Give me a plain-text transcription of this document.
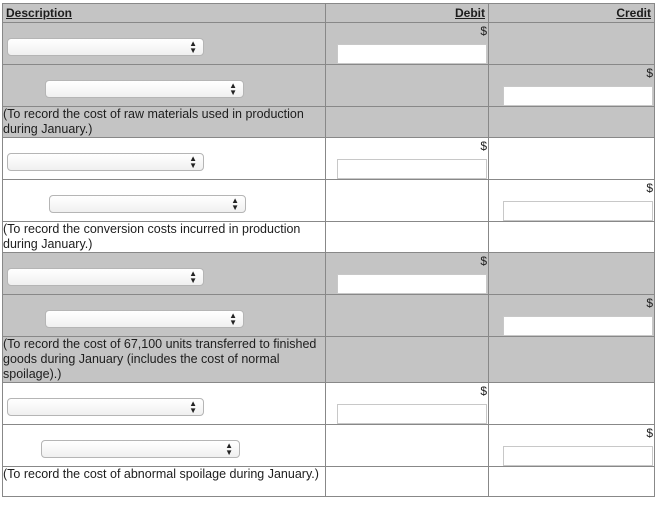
Description	Debit	Credit

▲
▼	$	

▲
▼		$

(To record the cost of raw materials used in production during January.)		

▲
▼	$	

▲
▼		$

(To record the conversion costs incurred in production during January.)		

▲
▼	$	

▲
▼		$

(To record the cost of 67,100 units transferred to finished goods during January (includes the cost of normal spoilage).)		

▲
▼	$	

▲
▼		$

(To record the cost of abnormal spoilage during January.)		
